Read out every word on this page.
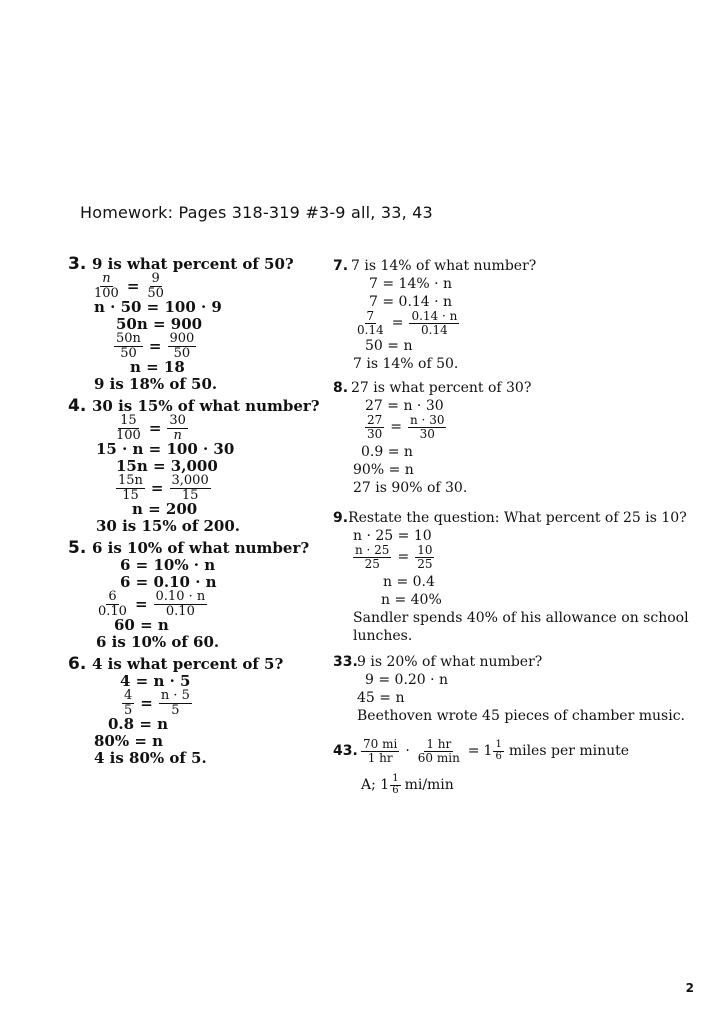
Homework: Pages 318-319 #3-9 all, 33, 43
3. 9 is what percent of 50?
$\frac{n}{100} = \frac{9}{50}$
n · 50 = 100 · 9
50n = 900
$\frac{50n}{50} = \frac{900}{50}$
n = 18
9 is 18% of 50.
4. 30 is 15% of what number?
$\frac{15}{100} = \frac{30}{n}$
15 · n = 100 · 30
15n = 3,000
$\frac{15n}{15} = \frac{3,000}{15}$
n = 200
30 is 15% of 200.
5. 6 is 10% of what number?
6 = 10% · n
6 = 0.10 · n
$\frac{6}{0.10} = \frac{0.10 \cdot n}{0.10}$
60 = n
6 is 10% of 60.
6. 4 is what percent of 5?
4 = n · 5
$\frac{4}{5} = \frac{n \cdot 5}{5}$
0.8 = n
80% = n
4 is 80% of 5.
7. 7 is 14% of what number?
7 = 14% · n
7 = 0.14 · n
$\frac{7}{0.14} = \frac{0.14 \cdot n}{0.14}$
50 = n
7 is 14% of 50.
8. 27 is what percent of 30?
27 = n · 30
$\frac{27}{30} = \frac{n \cdot 30}{30}$
0.9 = n
90% = n
27 is 90% of 30.
9. Restate the question: What percent of 25 is 10?
n · 25 = 10
$\frac{n \cdot 25}{25} = \frac{10}{25}$
n = 0.4
n = 40%
Sandler spends 40% of his allowance on school
lunches.
33. 9 is 20% of what number?
9 = 0.20 · n
45 = n
Beethoven wrote 45 pieces of chamber music.
43. $\frac{70 mi}{1 hr} \cdot \frac{1 hr}{60 \min} = 1 \frac{1}{6}$ miles per minute
A; $1 \frac{1}{6} mi/\min$
2
